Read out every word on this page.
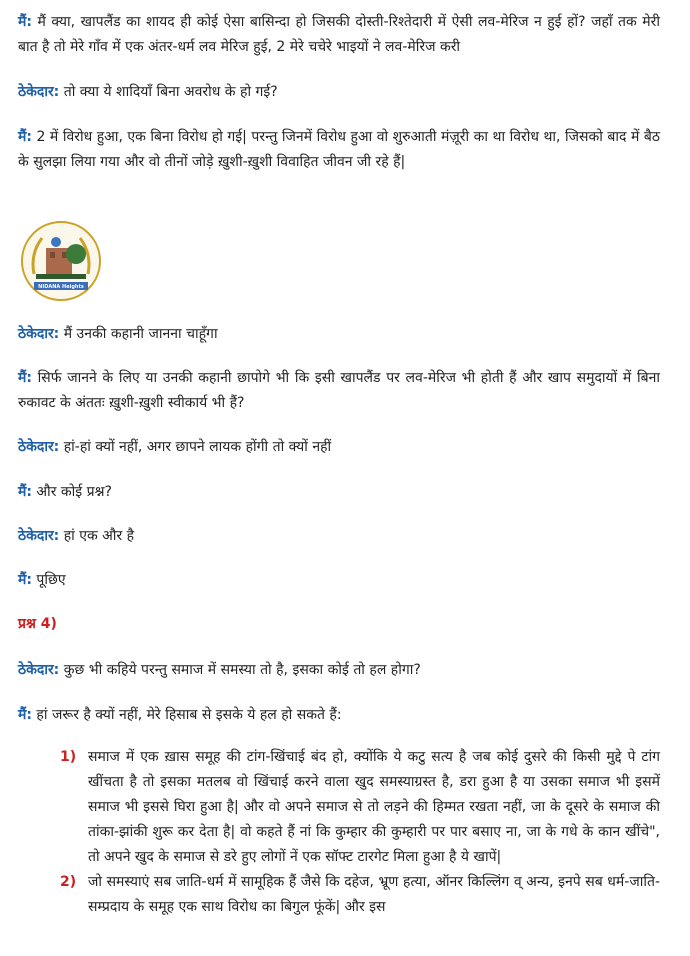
मैं: मैं क्या, खापलैंड का शायद ही कोई ऐसा बासिन्दा हो जिसकी दोस्ती-रिश्तेदारी में ऐसी लव-मेरिज न हुई हों? जहाँ तक मेरी बात है तो मेरे गाँव में एक अंतर-धर्म लव मेरिज हुई, 2 मेरे चचेरे भाइयों ने लव-मेरिज करी

ठेकेदार: तो क्या ये शादियाँ बिना अवरोध के हो गई?

मैं: 2 में विरोध हुआ, एक बिना विरोध हो गई| परन्तु जिनमें विरोध हुआ वो शुरुआती मंज़ूरी का था विरोध था, जिसको बाद में बैठ के सुलझा लिया गया और वो तीनों जोड़े ख़ुशी-ख़ुशी विवाहित जीवन जी रहे हैं|

NIDANA Heights

ठेकेदार: मैं उनकी कहानी जानना चाहूँगा

मैं: सिर्फ जानने के लिए या उनकी कहानी छापोगे भी कि इसी खापलैंड पर लव-मेरिज भी होती हैं और खाप समुदायों में बिना रुकावट के अंततः ख़ुशी-ख़ुशी स्वीकार्य भी हैं?

ठेकेदार: हां-हां क्यों नहीं, अगर छापने लायक होंगी तो क्यों नहीं

मैं: और कोई प्रश्न?

ठेकेदार: हां एक और है

मैं: पूछिए

प्रश्न 4)

ठेकेदार: कुछ भी कहिये परन्तु समाज में समस्या तो है, इसका कोई तो हल होगा?

मैं: हां जरूर है क्यों नहीं, मेरे हिसाब से इसके ये हल हो सकते हैं:

1) समाज में एक ख़ास समूह की टांग-खिंचाई बंद हो, क्योंकि ये कटु सत्य है जब कोई दुसरे की किसी मुद्दे पे टांग खींचता है तो इसका मतलब वो खिंचाई करने वाला खुद समस्याग्रस्त है, डरा हुआ है या उसका समाज भी इसमें समाज भी इससे घिरा हुआ है| और वो अपने समाज से तो लड़ने की हिम्मत रखता नहीं, जा के दूसरे के समाज की तांका-झांकी शुरू कर देता है| वो कहते हैं नां कि कुम्हार की कुम्हारी पर पार बसाए ना, जा के गधे के कान खींचे", तो अपने खुद के समाज से डरे हुए लोगों नें एक सॉफ्ट टारगेट मिला हुआ है ये खापें|
2) जो समस्याएं सब जाति-धर्म में सामूहिक हैं जैसे कि दहेज, भ्रूण हत्या, ऑनर किल्लिंग व् अन्य, इनपे सब धर्म-जाति-सम्प्रदाय के समूह एक साथ विरोध का बिगुल फूंकें| और इस
